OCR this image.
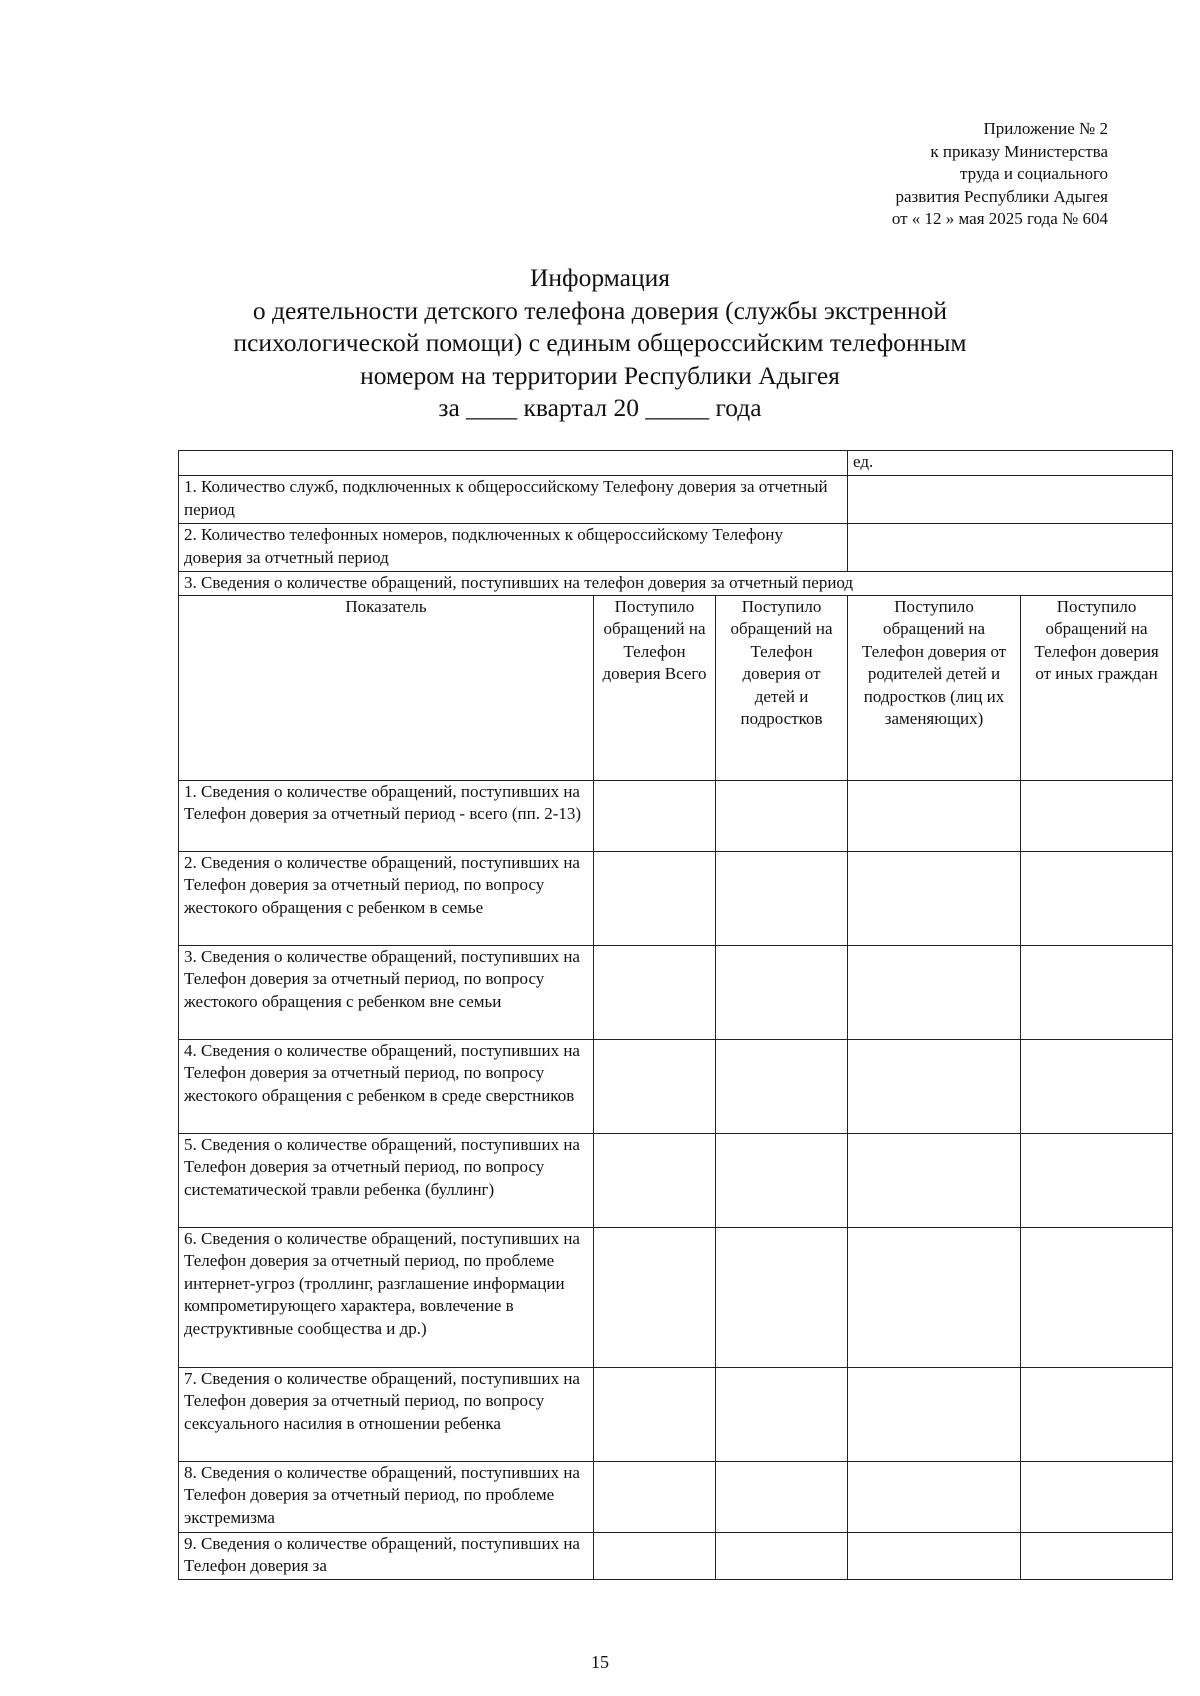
Приложение № 2
к приказу Министерства
труда и социального
развития Республики Адыгея
от « 12 » мая 2025 года № 604
Информация
о деятельности детского телефона доверия (службы экстренной
психологической помощи) с единым общероссийским телефонным
номером на территории Республики Адыгея
за ____ квартал 20 _____ года
			ед.	
1. Количество служб, подключенных к общероссийскому Телефону доверия за отчетный период				
2. Количество телефонных номеров, подключенных к общероссийскому Телефону доверия за отчетный период				
3. Сведения о количестве обращений, поступивших на телефон доверия за отчетный период				
Показатель	Поступило обращений на Телефон доверия Всего	Поступило обращений на Телефон доверия от детей и подростков	Поступило обращений на Телефон доверия от родителей детей и подростков (лиц их заменяющих)	Поступило обращений на Телефон доверия от иных граждан
1. Сведения о количестве обращений, поступивших на Телефон доверия за отчетный период - всего (пп. 2-13)				
2. Сведения о количестве обращений, поступивших на Телефон доверия за отчетный период, по вопросу жестокого обращения с ребенком в семье				
3. Сведения о количестве обращений, поступивших на Телефон доверия за отчетный период, по вопросу жестокого обращения с ребенком вне семьи				
4. Сведения о количестве обращений, поступивших на Телефон доверия за отчетный период, по вопросу жестокого обращения с ребенком в среде сверстников				
5. Сведения о количестве обращений, поступивших на Телефон доверия за отчетный период, по вопросу систематической травли ребенка (буллинг)				
6. Сведения о количестве обращений, поступивших на Телефон доверия за отчетный период, по проблеме интернет-угроз (троллинг, разглашение информации компрометирующего характера, вовлечение в деструктивные сообщества и др.)				
7. Сведения о количестве обращений, поступивших на Телефон доверия за отчетный период, по вопросу сексуального насилия в отношении ребенка				
8. Сведения о количестве обращений, поступивших на Телефон доверия за отчетный период, по проблеме экстремизма				
9. Сведения о количестве обращений, поступивших на Телефон доверия за				
15
